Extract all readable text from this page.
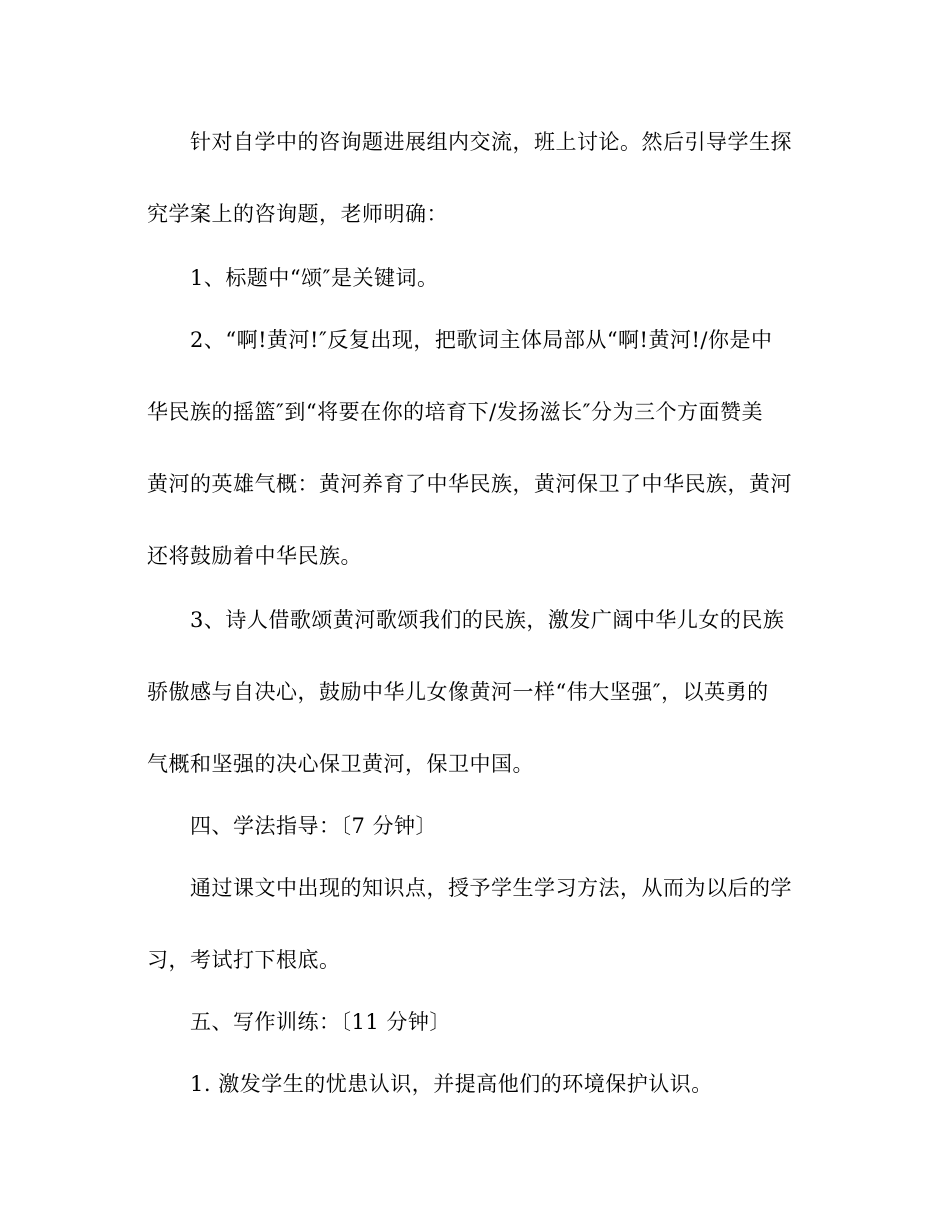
针对自学中的咨询题进展组内交流，班上讨论。然后引导学生探
究学案上的咨询题，老师明确：
1、标题中“颂″是关键词。
2、“啊!黄河!″反复出现，把歌词主体局部从“啊!黄河!/你是中
华民族的摇篮″到“将要在你的培育下/发扬滋长″分为三个方面赞美
黄河的英雄气概：黄河养育了中华民族，黄河保卫了中华民族，黄河
还将鼓励着中华民族。
3、诗人借歌颂黄河歌颂我们的民族，激发广阔中华儿女的民族
骄傲感与自决心，鼓励中华儿女像黄河一样“伟大坚强″，以英勇的
气概和坚强的决心保卫黄河，保卫中国。
四、学法指导：〔7 分钟〕
通过课文中出现的知识点，授予学生学习方法，从而为以后的学
习，考试打下根底。
五、写作训练：〔11 分钟〕
1. 激发学生的忧患认识，并提高他们的环境保护认识。
